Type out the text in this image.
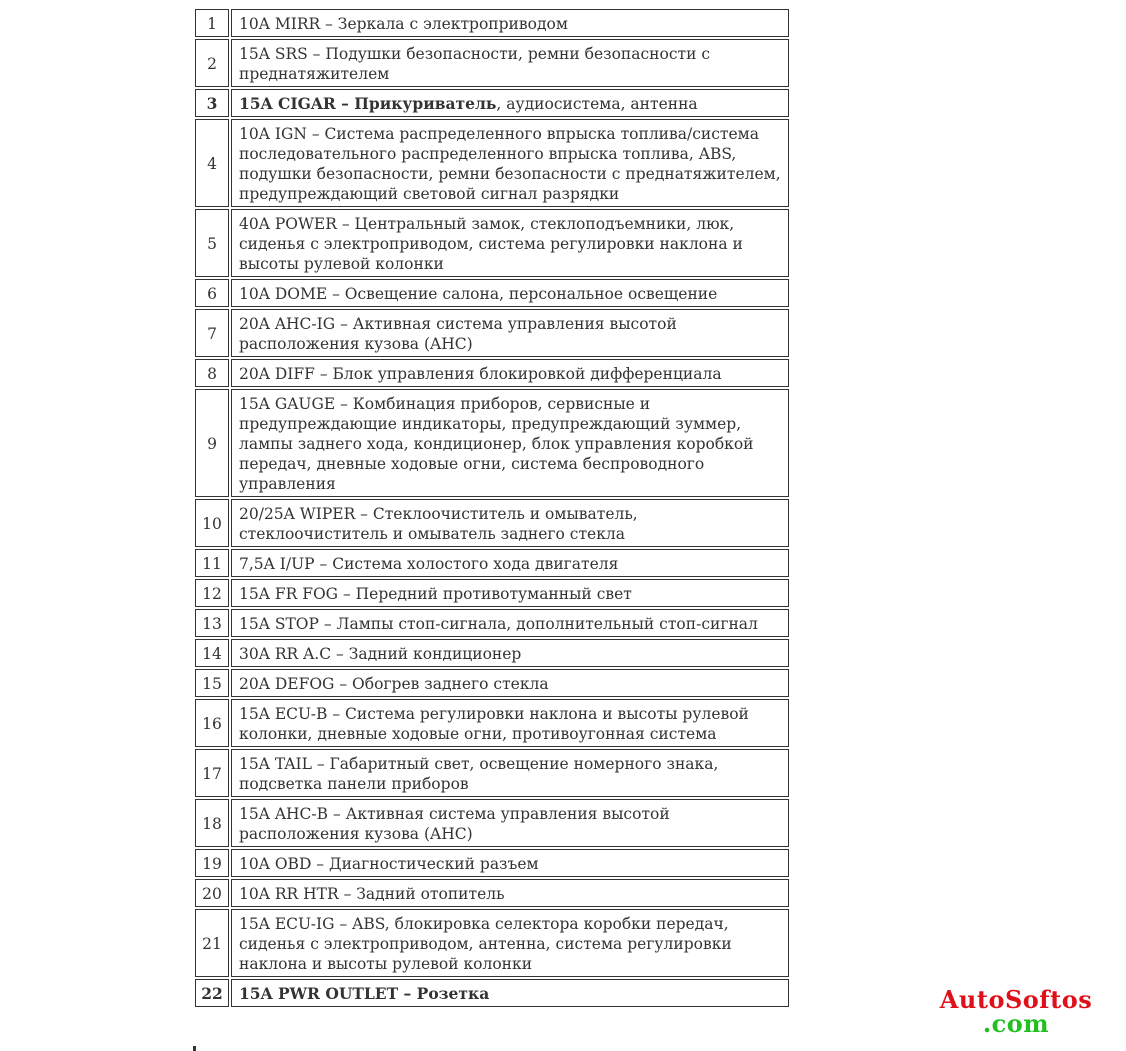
1	10A MIRR – Зеркала с электроприводом
2	15A SRS – Подушки безопасности, ремни безопасности с преднатяжителем
3	15A CIGAR – Прикуриватель, аудиосистема, антенна
4	10A IGN – Система распределенного впрыска топлива/система последовательного распределенного впрыска топлива, ABS, подушки безопасности, ремни безопасности с преднатяжителем, предупреждающий световой сигнал разрядки
5	40A POWER – Центральный замок, стеклоподъемники, люк, сиденья с электроприводом, система регулировки наклона и высоты рулевой колонки
6	10A DOME – Освещение салона, персональное освещение
7	20A AHC-IG – Активная система управления высотой расположения кузова (AHC)
8	20A DIFF – Блок управления блокировкой дифференциала
9	15A GAUGE – Комбинация приборов, сервисные и предупреждающие индикаторы, предупреждающий зуммер, лампы заднего хода, кондиционер, блок управления коробкой передач, дневные ходовые огни, система беспроводного управления
10	20/25A WIPER – Стеклоочиститель и омыватель, стеклоочиститель и омыватель заднего стекла
11	7,5A I/UP – Система холостого хода двигателя
12	15A FR FOG – Передний противотуманный свет
13	15A STOP – Лампы стоп-сигнала, дополнительный стоп-сигнал
14	30A RR A.C – Задний кондиционер
15	20A DEFOG – Обогрев заднего стекла
16	15A ECU-B – Система регулировки наклона и высоты рулевой колонки, дневные ходовые огни, противоугонная система
17	15A TAIL – Габаритный свет, освещение номерного знака, подсветка панели приборов
18	15A AHC-B – Активная система управления высотой расположения кузова (AHC)
19	10A OBD – Диагностический разъем
20	10A RR HTR – Задний отопитель
21	15A ECU-IG – ABS, блокировка селектора коробки передач, сиденья с электроприводом, антенна, система регулировки наклона и высоты рулевой колонки
22	15A PWR OUTLET – Розетка	AutoSoftos
.com
